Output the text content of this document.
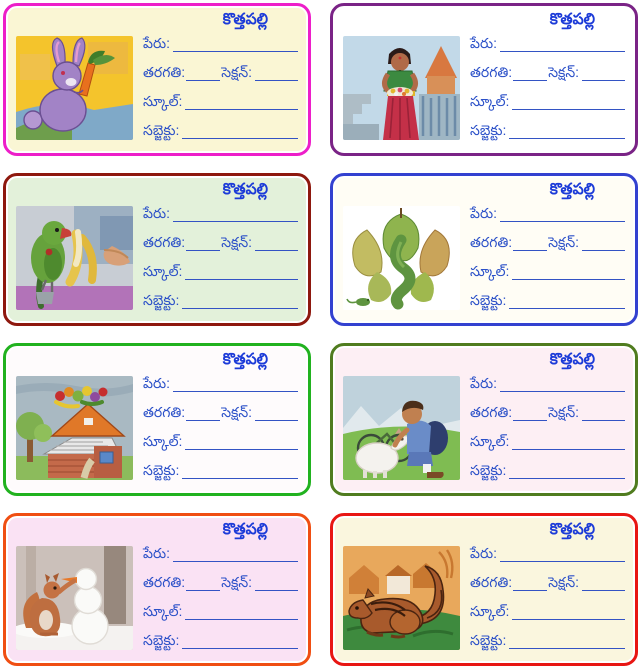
కొత్తపల్లి
పేరు:
తరగతి:	సెక్షన్:
స్కూల్:
సబ్జెక్టు:
కొత్తపల్లి
పేరు:
తరగతి:	సెక్షన్:
స్కూల్:
సబ్జెక్టు:
కొత్తపల్లి
పేరు:
తరగతి:	సెక్షన్:
స్కూల్:
సబ్జెక్టు:
కొత్తపల్లి
పేరు:
తరగతి:	సెక్షన్:
స్కూల్:
సబ్జెక్టు:
కొత్తపల్లి
పేరు:
తరగతి:	సెక్షన్:
స్కూల్:
సబ్జెక్టు:
కొత్తపల్లి
పేరు:
తరగతి:	సెక్షన్:
స్కూల్:
సబ్జెక్టు:
కొత్తపల్లి
పేరు:
తరగతి:	సెక్షన్:
స్కూల్:
సబ్జెక్టు:
కొత్తపల్లి
పేరు:
తరగతి:	సెక్షన్:
స్కూల్:
సబ్జెక్టు:
